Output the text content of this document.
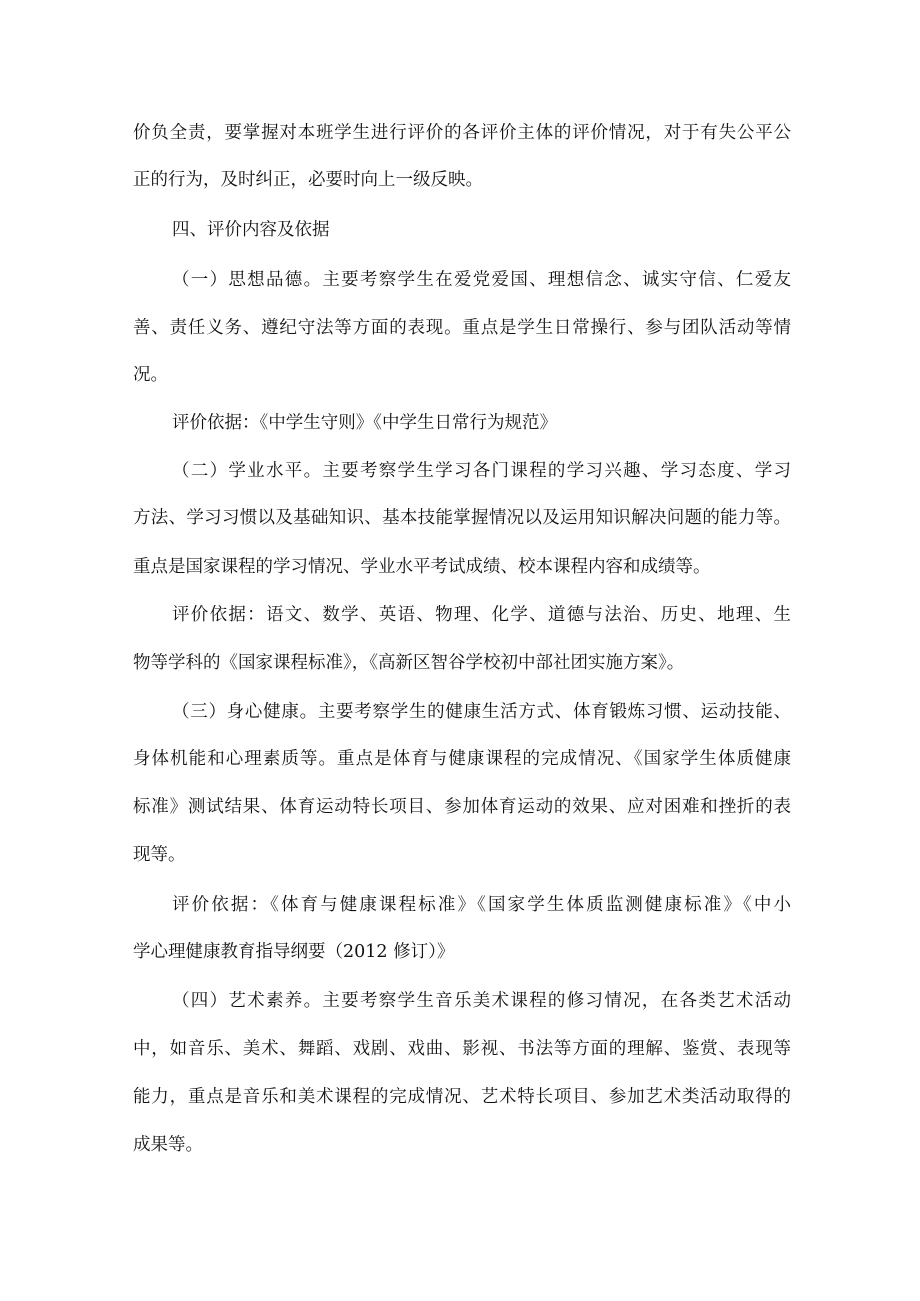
价负全责，要掌握对本班学生进行评价的各评价主体的评价情况，对于有失公平公
正的行为，及时纠正，必要时向上一级反映。
四、评价内容及依据
（一）思想品德。主要考察学生在爱党爱国、理想信念、诚实守信、仁爱友
善、责任义务、遵纪守法等方面的表现。重点是学生日常操行、参与团队活动等情
况。
评价依据：《中学生守则》《中学生日常行为规范》
（二）学业水平。主要考察学生学习各门课程的学习兴趣、学习态度、学习
方法、学习习惯以及基础知识、基本技能掌握情况以及运用知识解决问题的能力等。
重点是国家课程的学习情况、学业水平考试成绩、校本课程内容和成绩等。
评价依据：语文、数学、英语、物理、化学、道德与法治、历史、地理、生
物等学科的《国家课程标准》，《高新区智谷学校初中部社团实施方案》。
（三）身心健康。主要考察学生的健康生活方式、体育锻炼习惯、运动技能、
身体机能和心理素质等。重点是体育与健康课程的完成情况、《国家学生体质健康
标准》测试结果、体育运动特长项目、参加体育运动的效果、应对困难和挫折的表
现等。
评价依据：《体育与健康课程标准》《国家学生体质监测健康标准》《中小
学心理健康教育指导纲要（2012 修订）》
（四）艺术素养。主要考察学生音乐美术课程的修习情况，在各类艺术活动
中，如音乐、美术、舞蹈、戏剧、戏曲、影视、书法等方面的理解、鉴赏、表现等
能力，重点是音乐和美术课程的完成情况、艺术特长项目、参加艺术类活动取得的
成果等。
